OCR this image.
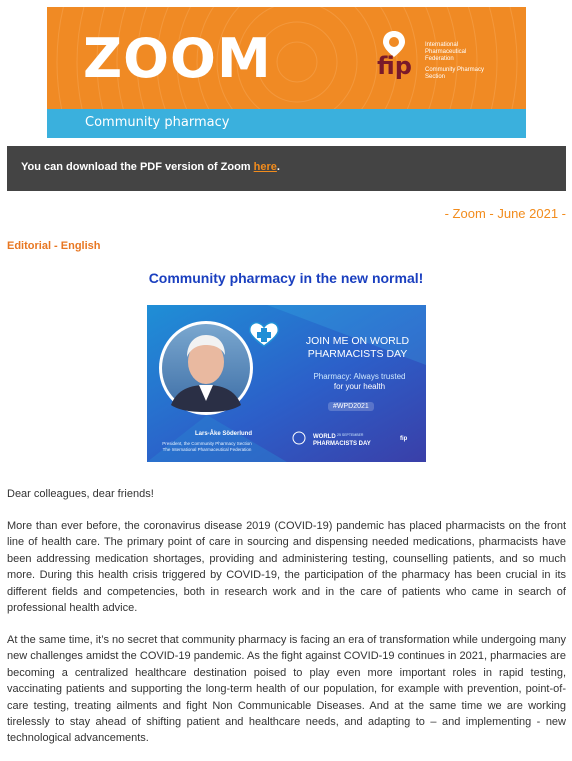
ZOOM	fip
International
Pharmaceutical
Federation
Community Pharmacy
Section
Community pharmacy

You can download the PDF version of Zoom here.

- Zoom - June 2021 -
Editorial - English
Community pharmacy in the new normal!
JOIN ME ON WORLD
PHARMACISTS DAY
Pharmacy: Always trusted
for your health
#WPD2021
Lars-Åke Söderlund
President, the Community Pharmacy Section
The International Pharmaceutical Federation
WORLD
PHARMACISTS DAY
25 SEPTEMBER
fip
Dear colleagues, dear friends!
More than ever before, the coronavirus disease 2019 (COVID-19) pandemic has placed pharmacists on the front line of health care. The primary point of care in sourcing and dispensing needed medications, pharmacists have been addressing medication shortages, providing and administering testing, counselling patients, and so much more. During this health crisis triggered by COVID-19, the participation of the pharmacy has been crucial in its different fields and competencies, both in research work and in the care of patients who came in search of professional health advice.
At the same time, it’s no secret that community pharmacy is facing an era of transformation while undergoing many new challenges amidst the COVID-19 pandemic. As the fight against COVID-19 continues in 2021, pharmacies are becoming a centralized healthcare destination poised to play even more important roles in rapid testing, vaccinating patients and supporting the long-term health of our population, for example with prevention, point-of-care testing, treating ailments and fight Non Communicable Diseases. And at the same time we are working tirelessly to stay ahead of shifting patient and healthcare needs, and adapting to – and implementing - new technological advancements.
